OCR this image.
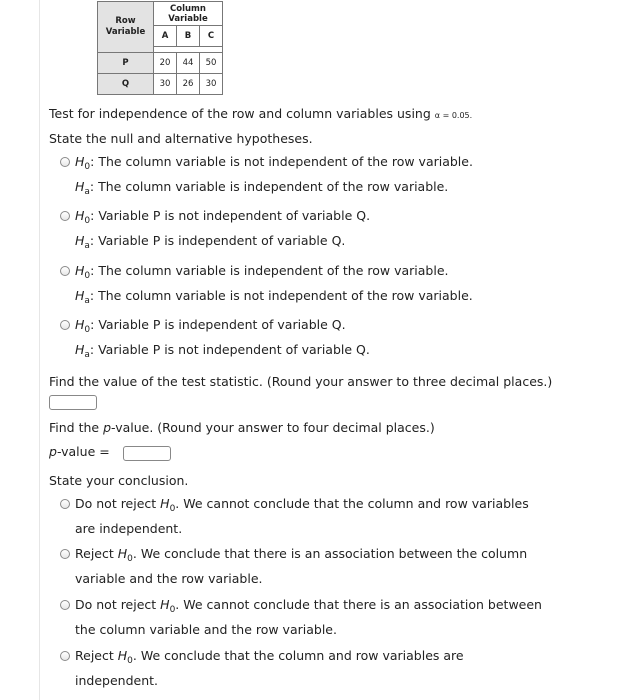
Row
Variable	Column Variable		
	A	B	C

P	20	44	50
Q	30	26	30
Test for independence of the row and column variables using α = 0.05.
State the null and alternative hypotheses.
$H_0$: The column variable is not independent of the row variable.
$H_a$: The column variable is independent of the row variable.
$H_0$: Variable P is not independent of variable Q.
$H_a$: Variable P is independent of variable Q.
$H_0$: The column variable is independent of the row variable.
$H_a$: The column variable is not independent of the row variable.
$H_0$: Variable P is independent of variable Q.
$H_a$: Variable P is not independent of variable Q.
Find the value of the test statistic. (Round your answer to three decimal places.)
Find the p-value. (Round your answer to four decimal places.)
p-value =
State your conclusion.
Do not reject $H_0$. We cannot conclude that the column and row variables
are independent.
Reject $H_0$. We conclude that there is an association between the column
variable and the row variable.
Do not reject $H_0$. We cannot conclude that there is an association between
the column variable and the row variable.
Reject $H_0$. We conclude that the column and row variables are
independent.
